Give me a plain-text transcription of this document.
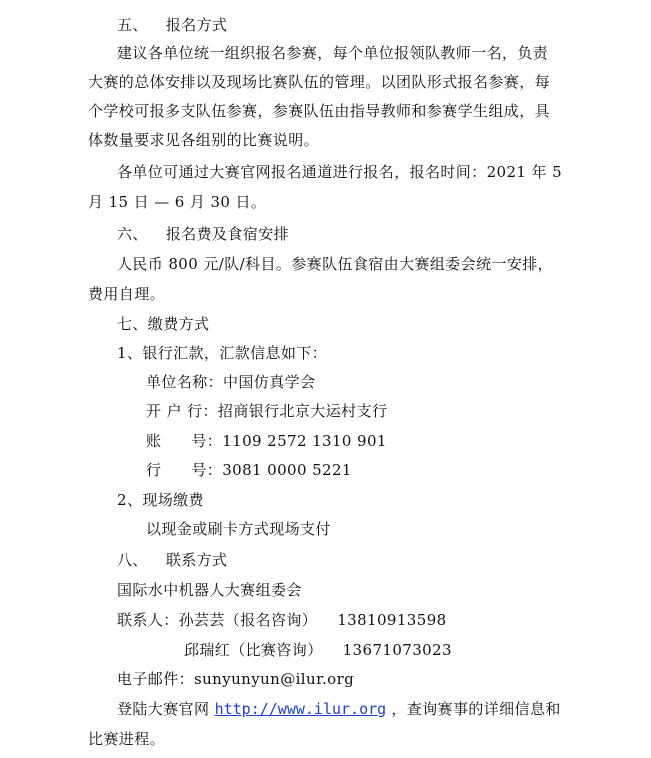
五、 报名方式
建议各单位统一组织报名参赛，每个单位报领队教师一名，负责
大赛的总体安排以及现场比赛队伍的管理。以团队形式报名参赛，每
个学校可报多支队伍参赛，参赛队伍由指导教师和参赛学生组成，具
体数量要求见各组别的比赛说明。
各单位可通过大赛官网报名通道进行报名，报名时间：2021 年 5
月 15 日 — 6 月 30 日。
六、 报名费及食宿安排
人民币 800 元/队/科目。参赛队伍食宿由大赛组委会统一安排，
费用自理。
七、缴费方式
1、银行汇款，汇款信息如下：
单位名称：中国仿真学会
开 户 行：招商银行北京大运村支行
账 号：1109 2572 1310 901
行 号：3081 0000 5221
2、现场缴费
以现金或刷卡方式现场支付
八、 联系方式
国际水中机器人大赛组委会
联系人：孙芸芸（报名咨询） 13810913598
邱瑞红（比赛咨询） 13671073023
电子邮件：sunyunyun@ilur.org
登陆大赛官网 http://www.ilur.org ，查询赛事的详细信息和
比赛进程。
